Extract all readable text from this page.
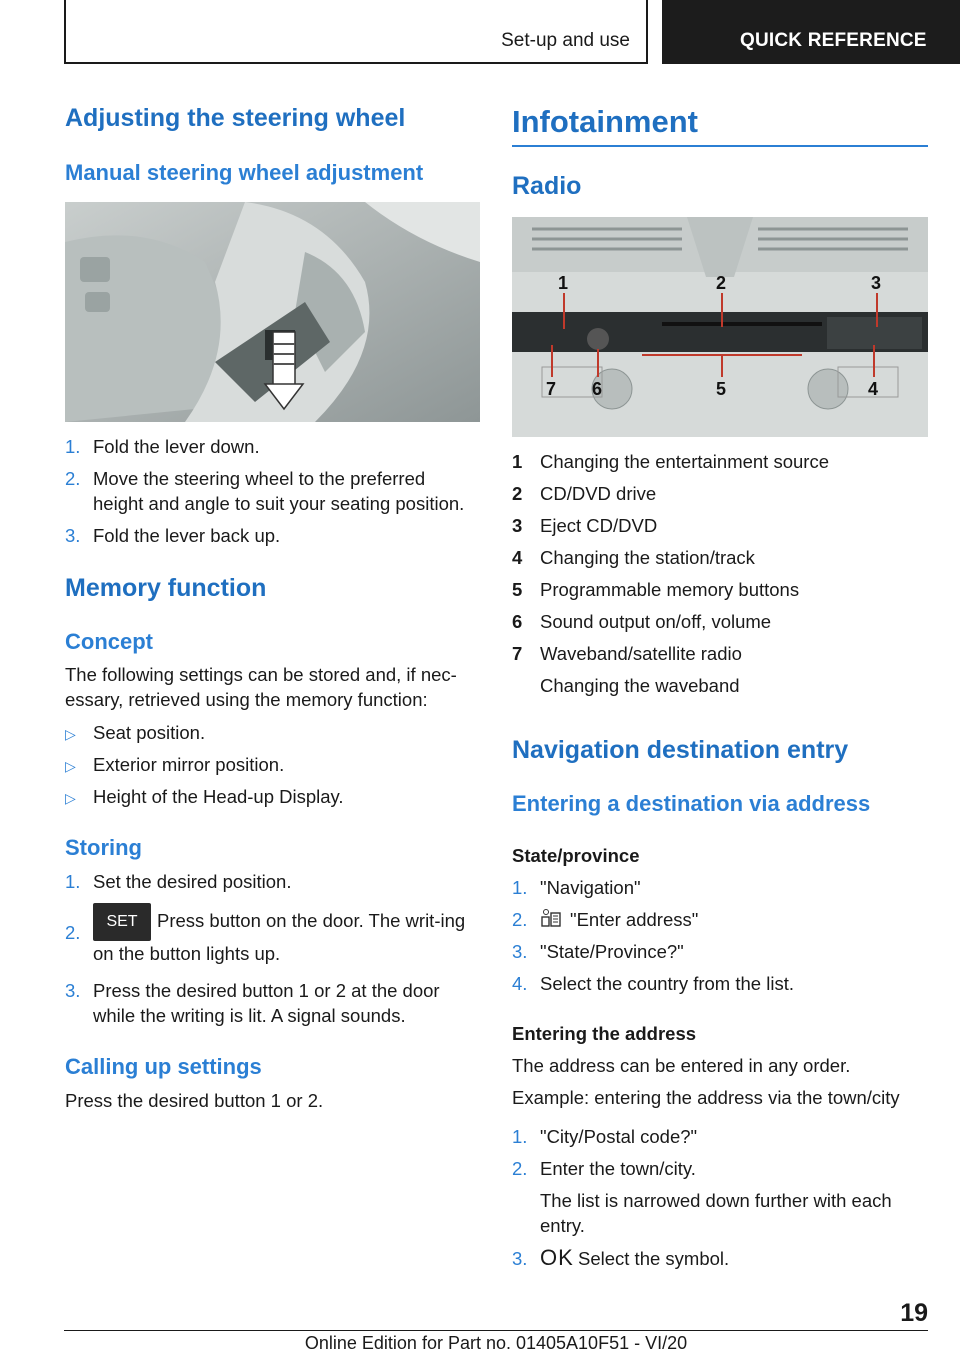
Set-up and use	QUICK REFERENCE
Adjusting the steering wheel
Manual steering wheel adjustment
1. Fold the lever down.
2. Move the steering wheel to the preferred height and angle to suit your seating position.
3. Fold the lever back up.
Memory function
Concept
The following settings can be stored and, if nec-essary, retrieved using the memory function:
▷ Seat position.
▷ Exterior mirror position.
▷ Height of the Head-up Display.
Storing
1. Set the desired position.
2.
SET Press button on the door. The writ-ing on the button lights up.
3. Press the desired button 1 or 2 at the door while the writing is lit. A signal sounds.
Calling up settings
Press the desired button 1 or 2.
Infotainment
Radio
1	2	3
4
5
6
7
1 Changing the entertainment source
2 CD/DVD drive
3 Eject CD/DVD
4 Changing the station/track
5 Programmable memory buttons
6 Sound output on/off, volume
7 Waveband/satellite radio
Changing the waveband
Navigation destination entry
Entering a destination via address
State/province
1. "Navigation"
2. "Enter address"
3. "State/Province?"
4. Select the country from the list.
Entering the address
The address can be entered in any order.
Example: entering the address via the town/city
1. "City/Postal code?"
2. Enter the town/city.
The list is narrowed down further with each entry.
3. OK Select the symbol.
19
Online Edition for Part no. 01405A10F51 - VI/20
